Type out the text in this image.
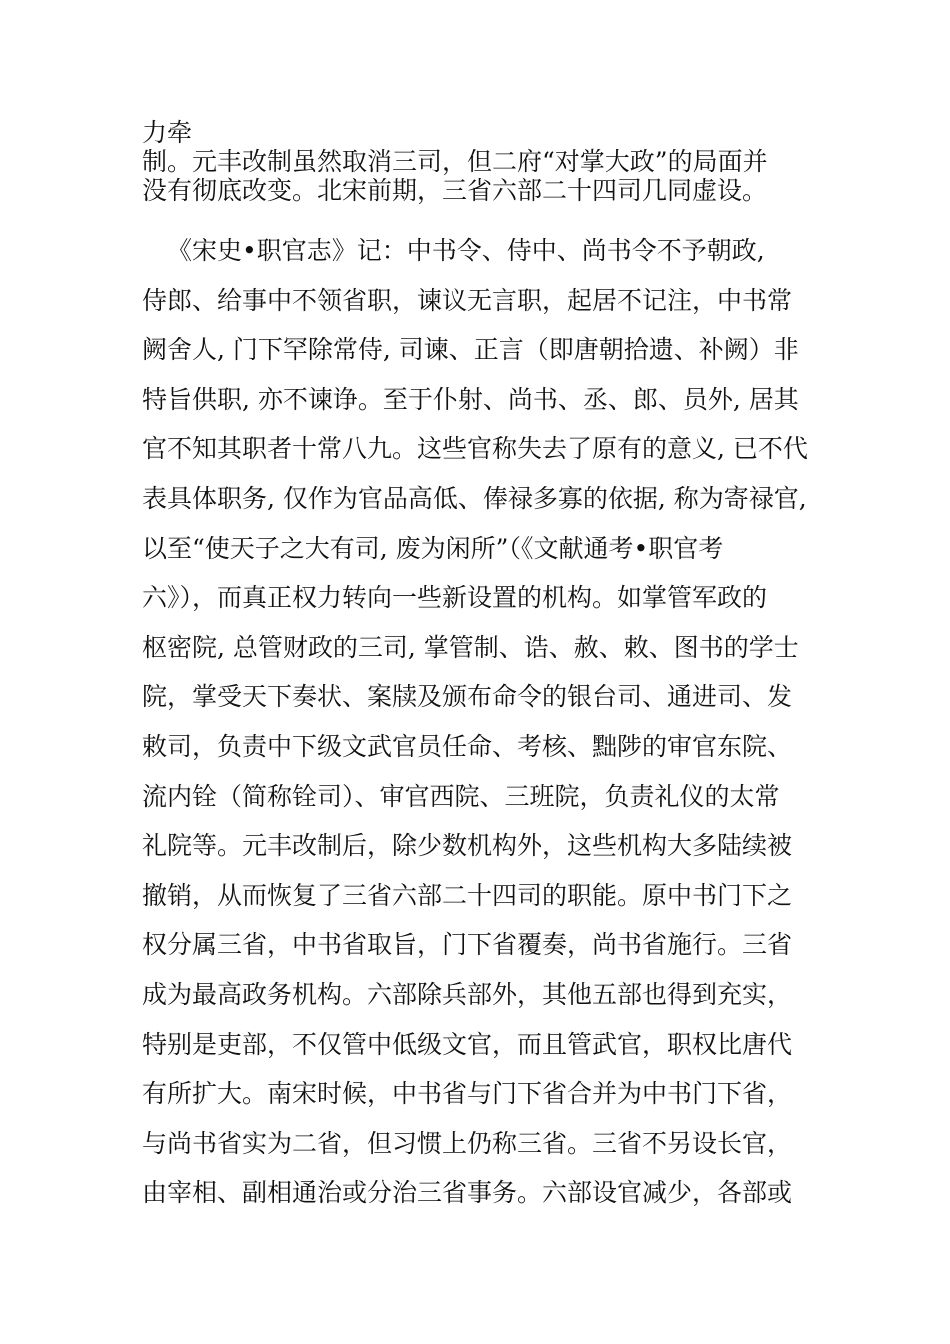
力牵
制。元丰改制虽然取消三司，但二府“对掌大政”的局面并
没有彻底改变。北宋前期，三省六部二十四司几同虚设。
《宋史•职官志》记：中书令、侍中、尚书令不予朝政,
侍郎、给事中不领省职，谏议无言职，起居不记注，中书常
阙舍人, 门下罕除常侍, 司谏、正言（即唐朝拾遗、补阙）非
特旨供职, 亦不谏诤。至于仆射、尚书、丞、郎、员外, 居其
官不知其职者十常八九。这些官称失去了原有的意义, 已不代
表具体职务, 仅作为官品高低、俸禄多寡的依据, 称为寄禄官,
以至“使天子之大有司, 废为闲所”（《文献通考•职官考
六》），而真正权力转向一些新设置的机构。如掌管军政的
枢密院, 总管财政的三司, 掌管制、诰、赦、敕、图书的学士
院，掌受天下奏状、案牍及颁布命令的银台司、通进司、发
敕司，负责中下级文武官员任命、考核、黜陟的审官东院、
流内铨（简称铨司）、审官西院、三班院，负责礼仪的太常
礼院等。元丰改制后，除少数机构外，这些机构大多陆续被
撤销，从而恢复了三省六部二十四司的职能。原中书门下之
权分属三省，中书省取旨，门下省覆奏，尚书省施行。三省
成为最高政务机构。六部除兵部外，其他五部也得到充实，
特别是吏部，不仅管中低级文官，而且管武官，职权比唐代
有所扩大。南宋时候，中书省与门下省合并为中书门下省，
与尚书省实为二省，但习惯上仍称三省。三省不另设长官，
由宰相、副相通治或分治三省事务。六部设官减少，各部或
